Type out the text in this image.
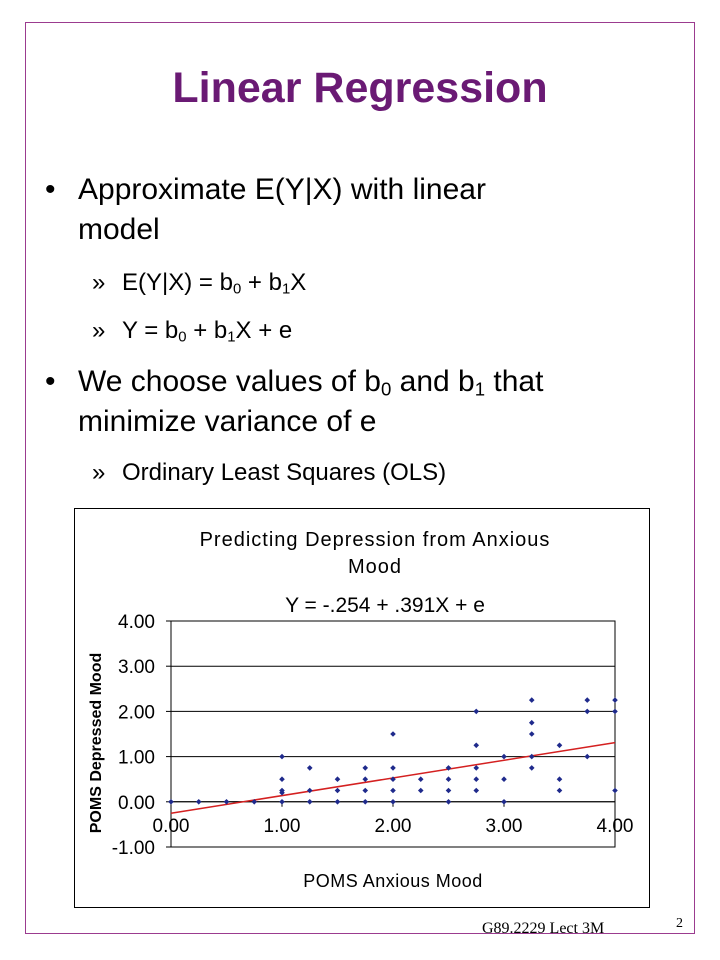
Linear Regression
• Approximate E(Y|X) with linear
model
» $E(Y|X) = b_0 + b_1X$
» $Y = b_0 + b_1X + e$
• We choose values of $b_0$ and $b_1$ that
minimize variance of e
» Ordinary Least Squares (OLS)
Predicting Depression from Anxious
Mood
Y = -.254 + .391X + e
-1.00
0.00
1.00
2.00
3.00
4.00
0.00	1.00	2.00	3.00	4.00
POMS Anxious Mood
POMS Depressed Mood
G89.2229 Lect 3M	2
